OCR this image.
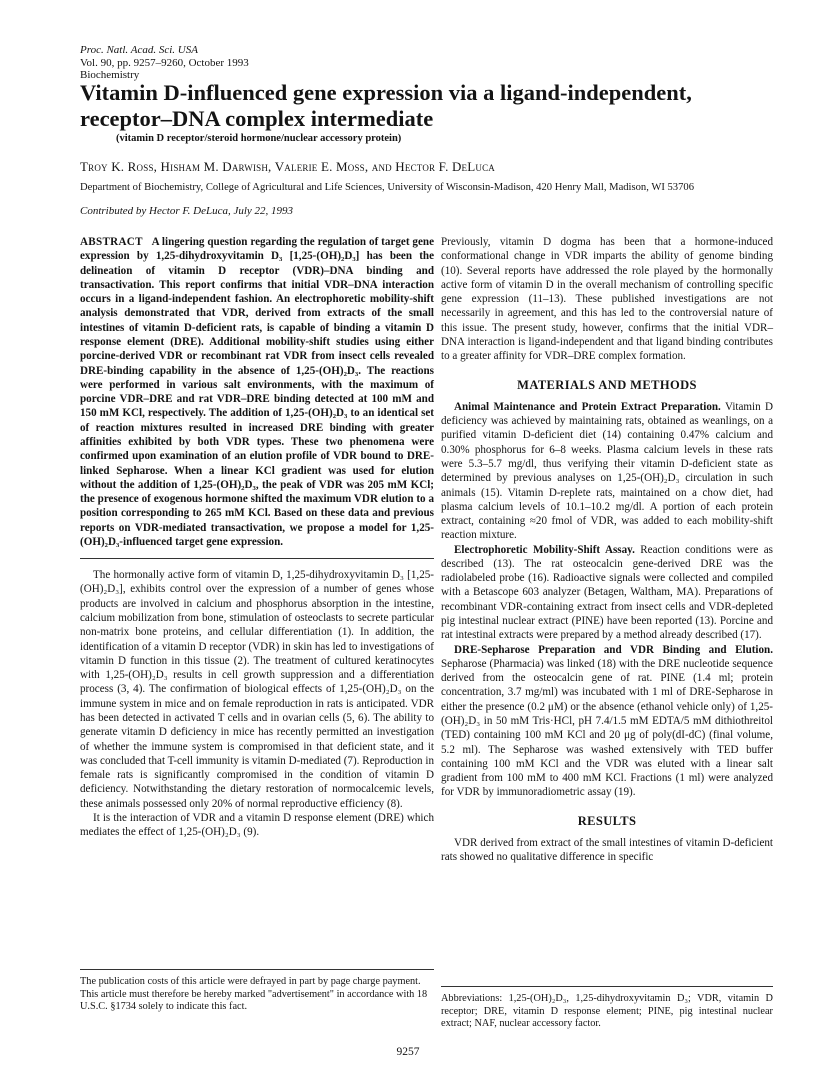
Proc. Natl. Acad. Sci. USA
Vol. 90, pp. 9257–9260, October 1993
Biochemistry
Vitamin D-influenced gene expression via a ligand-independent, receptor–DNA complex intermediate
(vitamin D receptor/steroid hormone/nuclear accessory protein)
Troy K. Ross, Hisham M. Darwish, Valerie E. Moss, and Hector F. DeLuca
Department of Biochemistry, College of Agricultural and Life Sciences, University of Wisconsin-Madison, 420 Henry Mall, Madison, WI 53706
Contributed by Hector F. DeLuca, July 22, 1993

ABSTRACT A lingering question regarding the regulation of target gene expression by 1,25-dihydroxyvitamin D₃ [1,25-(OH)₂D₃] has been the delineation of vitamin D receptor (VDR)–DNA binding and transactivation. This report confirms that initial VDR–DNA interaction occurs in a ligand-independent fashion. An electrophoretic mobility-shift analysis demonstrated that VDR, derived from extracts of the small intestines of vitamin D-deficient rats, is capable of binding a vitamin D response element (DRE). Additional mobility-shift studies using either porcine-derived VDR or recombinant rat VDR from insect cells revealed DRE-binding capability in the absence of 1,25-(OH)₂D₃. The reactions were performed in various salt environments, with the maximum of porcine VDR–DRE and rat VDR–DRE binding detected at 100 mM and 150 mM KCl, respectively. The addition of 1,25-(OH)₂D₃ to an identical set of reaction mixtures resulted in increased DRE binding with greater affinities exhibited by both VDR types. These two phenomena were confirmed upon examination of an elution profile of VDR bound to DRE-linked Sepharose. When a linear KCl gradient was used for elution without the addition of 1,25-(OH)₂D₃, the peak of VDR was 205 mM KCl; the presence of exogenous hormone shifted the maximum VDR elution to a position corresponding to 265 mM KCl. Based on these data and previous reports on VDR-mediated transactivation, we propose a model for 1,25-(OH)₂D₃-influenced target gene expression.

The hormonally active form of vitamin D, 1,25-dihydroxyvitamin D₃ [1,25-(OH)₂D₃], exhibits control over the expression of a number of genes whose products are involved in calcium and phosphorus absorption in the intestine, calcium mobilization from bone, stimulation of osteoclasts to secrete particular non-matrix bone proteins, and cellular differentiation (1). In addition, the identification of a vitamin D receptor (VDR) in skin has led to investigations of vitamin D function in this tissue (2). The treatment of cultured keratinocytes with 1,25-(OH)₂D₃ results in cell growth suppression and a differentiation process (3, 4). The confirmation of biological effects of 1,25-(OH)₂D₃ on the immune system in mice and on female reproduction in rats is anticipated. VDR has been detected in activated T cells and in ovarian cells (5, 6). The ability to generate vitamin D deficiency in mice has recently permitted an investigation of whether the immune system is compromised in that deficient state, and it was concluded that T-cell immunity is vitamin D-mediated (7). Reproduction in female rats is significantly compromised in the condition of vitamin D deficiency. Notwithstanding the dietary restoration of normocalcemic levels, these animals possessed only 20% of normal reproductive efficiency (8).

It is the interaction of VDR and a vitamin D response element (DRE) which mediates the effect of 1,25-(OH)₂D₃ (9).

Previously, vitamin D dogma has been that a hormone-induced conformational change in VDR imparts the ability of genome binding (10). Several reports have addressed the role played by the hormonally active form of vitamin D in the overall mechanism of controlling specific gene expression (11–13). These published investigations are not necessarily in agreement, and this has led to the controversial nature of this issue. The present study, however, confirms that the initial VDR–DNA interaction is ligand-independent and that ligand binding contributes to a greater affinity for VDR–DRE complex formation.

MATERIALS AND METHODS

Animal Maintenance and Protein Extract Preparation. Vitamin D deficiency was achieved by maintaining rats, obtained as weanlings, on a purified vitamin D-deficient diet (14) containing 0.47% calcium and 0.30% phosphorus for 6–8 weeks. Plasma calcium levels in these rats were 5.3–5.7 mg/dl, thus verifying their vitamin D-deficient state as determined by previous analyses on 1,25-(OH)₂D₃ circulation in such animals (15). Vitamin D-replete rats, maintained on a chow diet, had plasma calcium levels of 10.1–10.2 mg/dl. A portion of each protein extract, containing ≈20 fmol of VDR, was added to each mobility-shift reaction mixture.

Electrophoretic Mobility-Shift Assay. Reaction conditions were as described (13). The rat osteocalcin gene-derived DRE was the radiolabeled probe (16). Radioactive signals were collected and compiled with a Betascope 603 analyzer (Betagen, Waltham, MA). Preparations of recombinant VDR-containing extract from insect cells and VDR-depleted pig intestinal nuclear extract (PINE) have been reported (13). Porcine and rat intestinal extracts were prepared by a method already described (17).

DRE-Sepharose Preparation and VDR Binding and Elution. Sepharose (Pharmacia) was linked (18) with the DRE nucleotide sequence derived from the osteocalcin gene of rat. PINE (1.4 ml; protein concentration, 3.7 mg/ml) was incubated with 1 ml of DRE-Sepharose in either the presence (0.2 μM) or the absence (ethanol vehicle only) of 1,25-(OH)₂D₃ in 50 mM Tris·HCl, pH 7.4/1.5 mM EDTA/5 mM dithiothreitol (TED) containing 100 mM KCl and 20 μg of poly(dI-dC) (final volume, 5.2 ml). The Sepharose was washed extensively with TED buffer containing 100 mM KCl and the VDR was eluted with a linear salt gradient from 100 mM to 400 mM KCl. Fractions (1 ml) were analyzed for VDR by immunoradiometric assay (19).

RESULTS

VDR derived from extract of the small intestines of vitamin D-deficient rats showed no qualitative difference in specific

The publication costs of this article were defrayed in part by page charge payment. This article must therefore be hereby marked "advertisement" in accordance with 18 U.S.C. §1734 solely to indicate this fact.
Abbreviations: 1,25-(OH)₂D₃, 1,25-dihydroxyvitamin D₃; VDR, vitamin D receptor; DRE, vitamin D response element; PINE, pig intestinal nuclear extract; NAF, nuclear accessory factor.
9257
